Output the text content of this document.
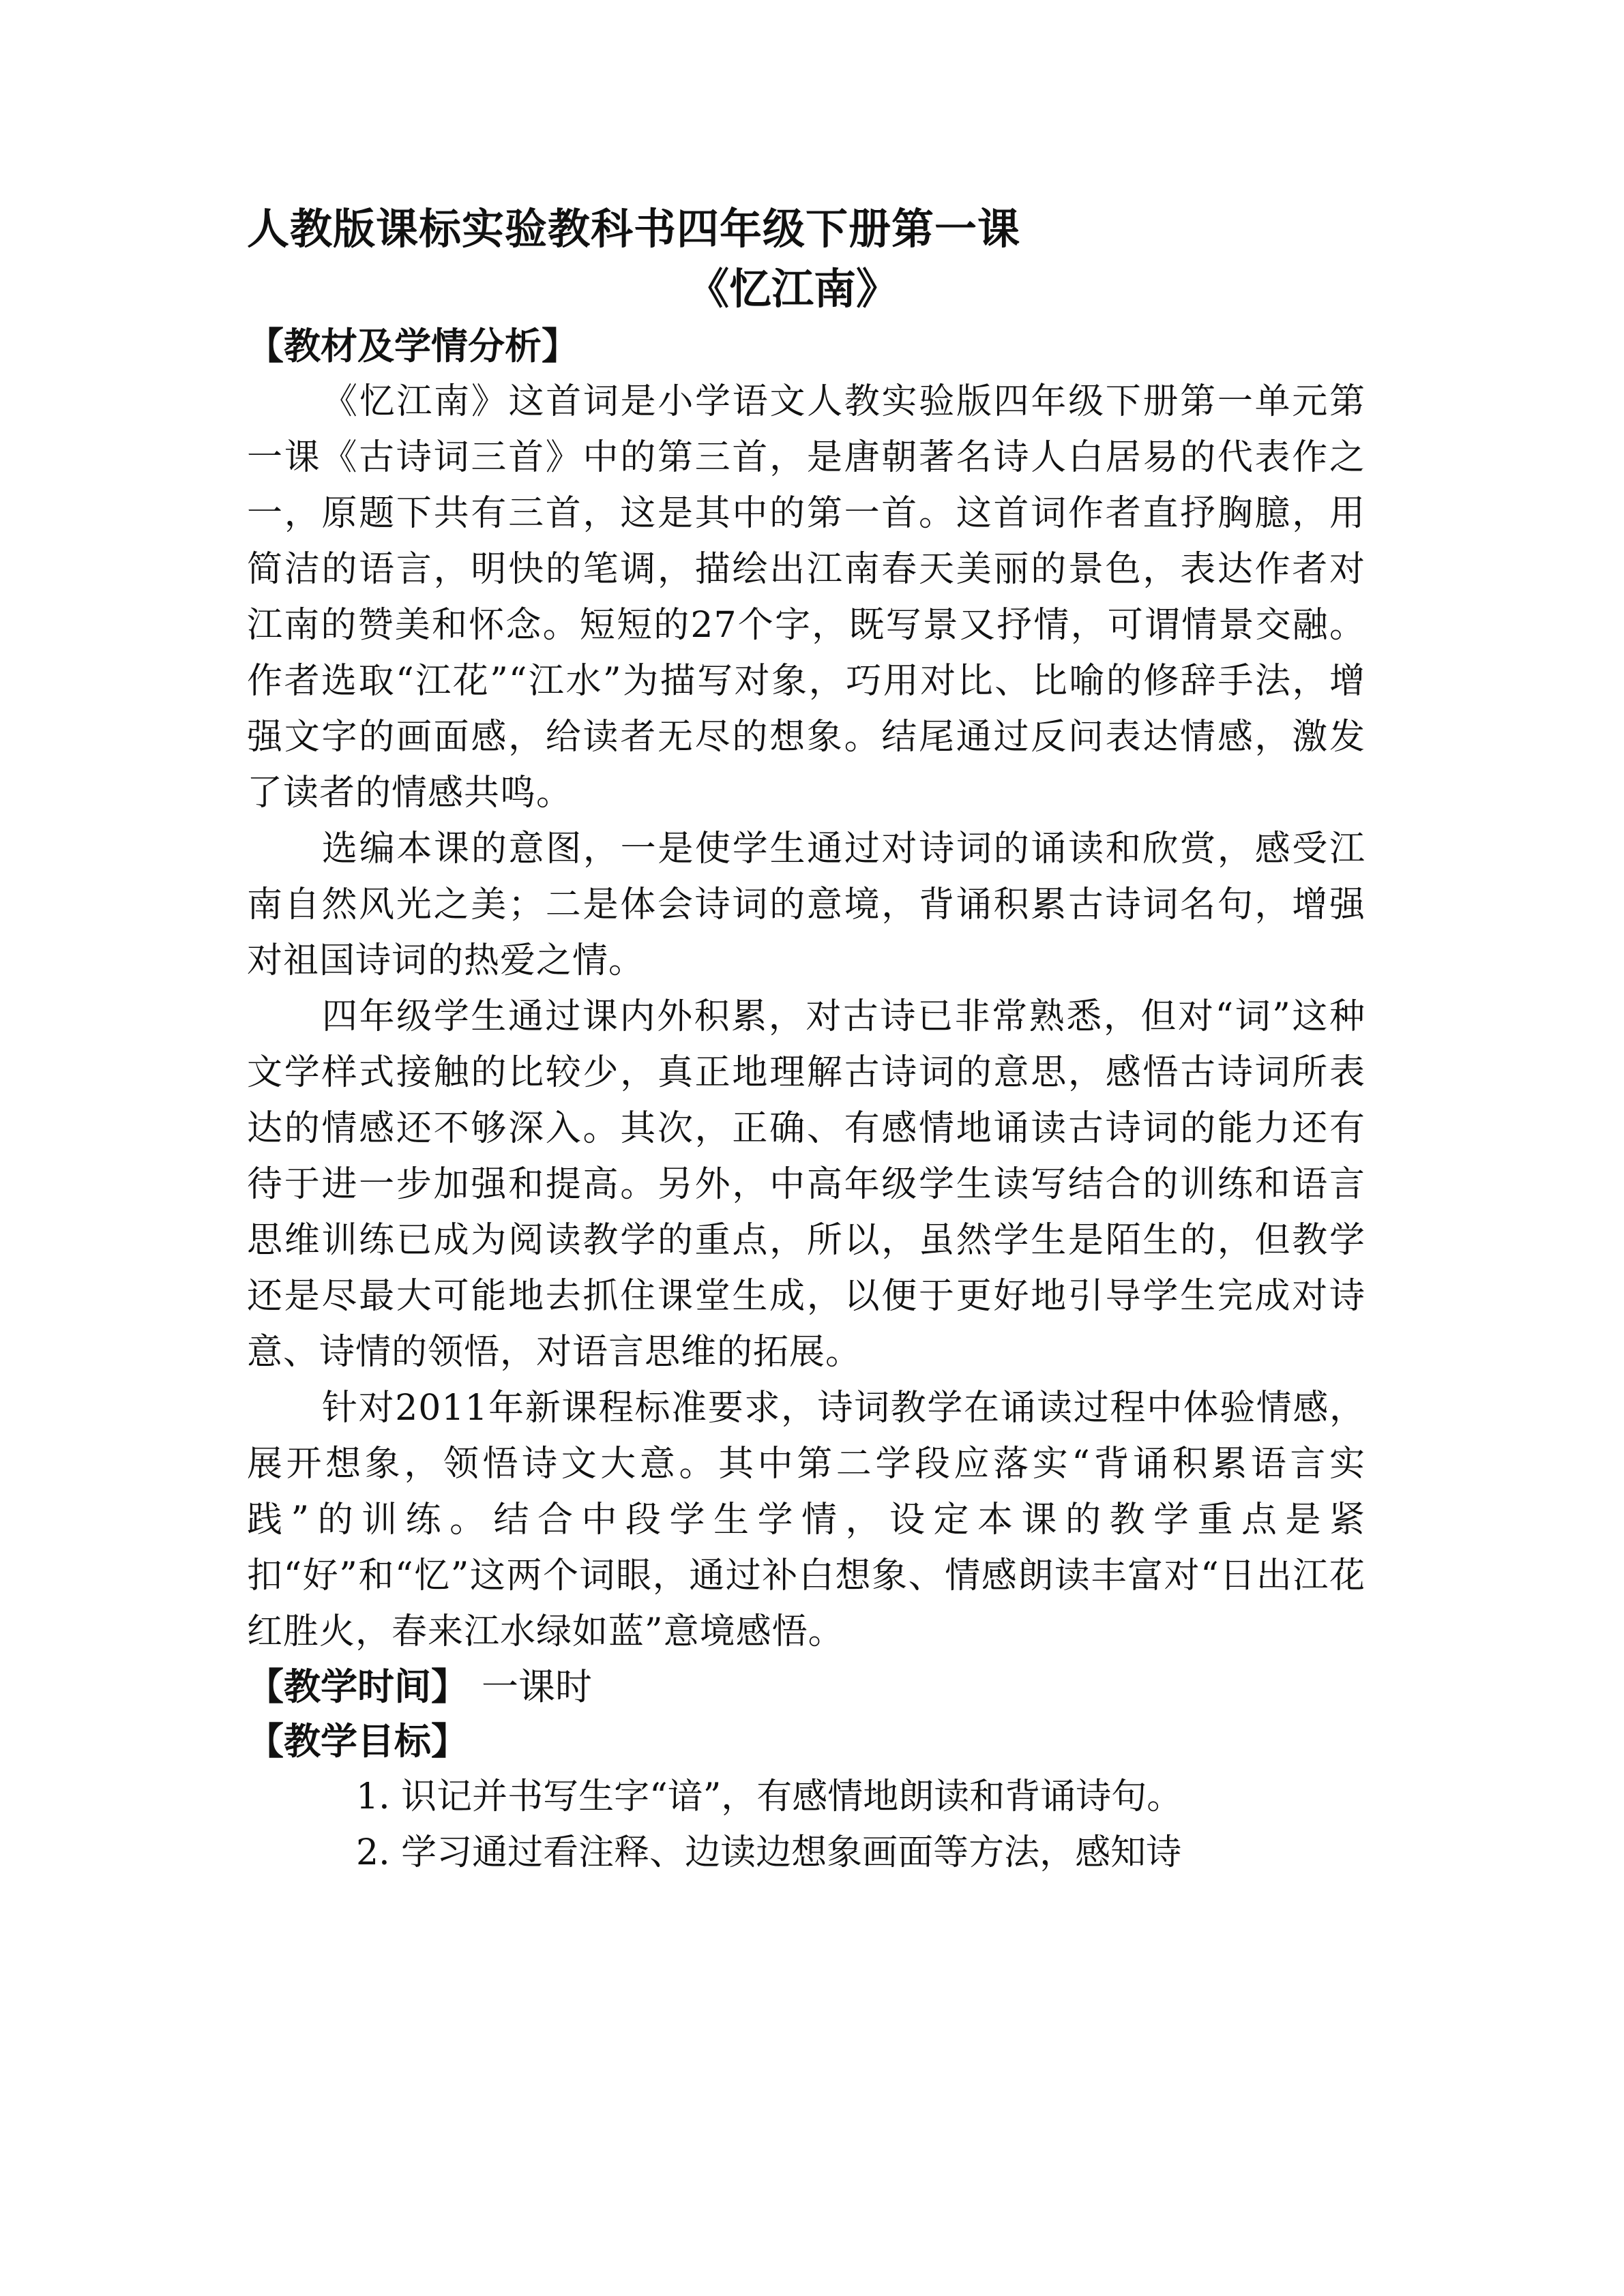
人教版课标实验教科书四年级下册第一课
《忆江南》
【教材及学情分析】

《忆江南》这首词是小学语文人教实验版四年级下册第一单元第一课《古诗词三首》中的第三首，是唐朝著名诗人白居易的代表作之一，原题下共有三首，这是其中的第一首。这首词作者直抒胸臆，用简洁的语言，明快的笔调，描绘出江南春天美丽的景色，表达作者对江南的赞美和怀念。短短的27个字，既写景又抒情，可谓情景交融。作者选取“江花”“江水”为描写对象，巧用对比、比喻的修辞手法，增强文字的画面感，给读者无尽的想象。结尾通过反问表达情感，激发了读者的情感共鸣。

选编本课的意图，一是使学生通过对诗词的诵读和欣赏，感受江南自然风光之美；二是体会诗词的意境，背诵积累古诗词名句，增强对祖国诗词的热爱之情。

四年级学生通过课内外积累，对古诗已非常熟悉，但对“词”这种文学样式接触的比较少，真正地理解古诗词的意思，感悟古诗词所表达的情感还不够深入。其次，正确、有感情地诵读古诗词的能力还有待于进一步加强和提高。另外，中高年级学生读写结合的训练和语言思维训练已成为阅读教学的重点，所以，虽然学生是陌生的，但教学还是尽最大可能地去抓住课堂生成，以便于更好地引导学生完成对诗意、诗情的领悟，对语言思维的拓展。

针对2011年新课程标准要求，诗词教学在诵读过程中体验情感，展开想象，领悟诗文大意。其中第二学段应落实“背诵积累语言实践”的训练。结合中段学生学情，设定本课的教学重点是紧扣“好”和“忆”这两个词眼，通过补白想象、情感朗读丰富对“日出江花红胜火，春来江水绿如蓝”意境感悟。

【教学时间】 一课时
【教学目标】

1. 识记并书写生字“谙”，有感情地朗读和背诵诗句。

2. 学习通过看注释、边读边想象画面等方法，感知诗
